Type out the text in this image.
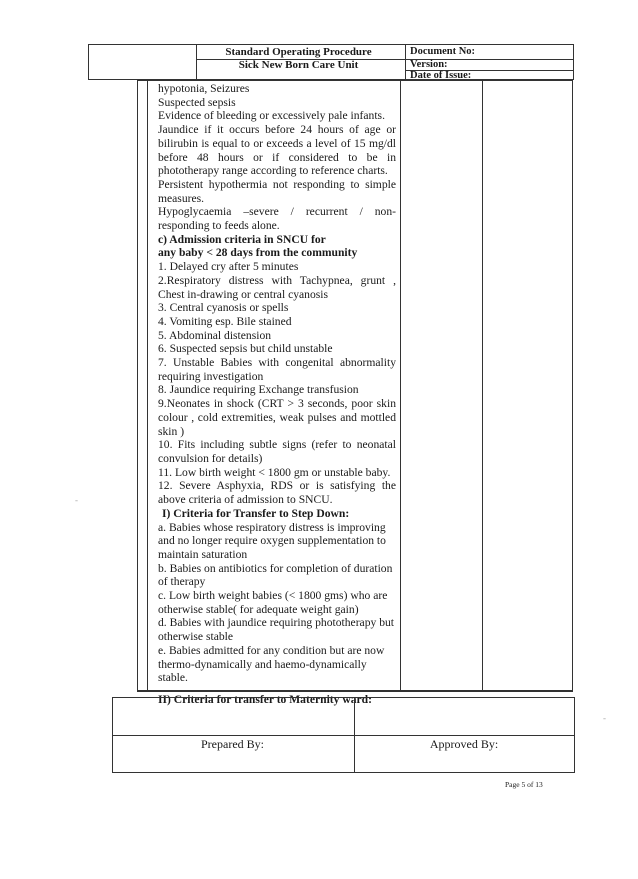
Standard Operating Procedure
Sick New Born Care Unit
Document No:
Version:
Date of Issue:

hypotonia, Seizures

Suspected sepsis

Evidence of bleeding or excessively pale infants.

Jaundice if it occurs before 24 hours of age or

bilirubin is equal to or exceeds a level of 15 mg/dl

before 48 hours or if considered to be in

phototherapy range according to reference charts.

Persistent hypothermia not responding to simple

measures.

Hypoglycaemia –severe / recurrent / non-

responding to feeds alone.

c) Admission criteria in SNCU for

any baby < 28 days from the community

1. Delayed cry after 5 minutes

2.Respiratory distress with Tachypnea, grunt ,

Chest in-drawing or central cyanosis

3. Central cyanosis or spells

4. Vomiting esp. Bile stained

5. Abdominal distension

6. Suspected sepsis but child unstable

7. Unstable Babies with congenital abnormality

requiring investigation

8. Jaundice requiring Exchange transfusion

9.Neonates in shock (CRT > 3 seconds, poor skin

colour , cold extremities, weak pulses and mottled

skin )

10. Fits including subtle signs (refer to neonatal

convulsion for details)

11. Low birth weight < 1800 gm or unstable baby.

12. Severe Asphyxia, RDS or is satisfying the

above criteria of admission to SNCU.

I) Criteria for Transfer to Step Down:

a. Babies whose respiratory distress is improving

and no longer require oxygen supplementation to

maintain saturation

b. Babies on antibiotics for completion of duration

of therapy

c. Low birth weight babies (< 1800 gms) who are

otherwise stable( for adequate weight gain)

d. Babies with jaundice requiring phototherapy but

otherwise stable

e. Babies admitted for any condition but are now

thermo-dynamically and haemo-dynamically

stable.

II) Criteria for transfer to Maternity ward:

Prepared By:	Approved By:
Page 5 of 13
-
-
